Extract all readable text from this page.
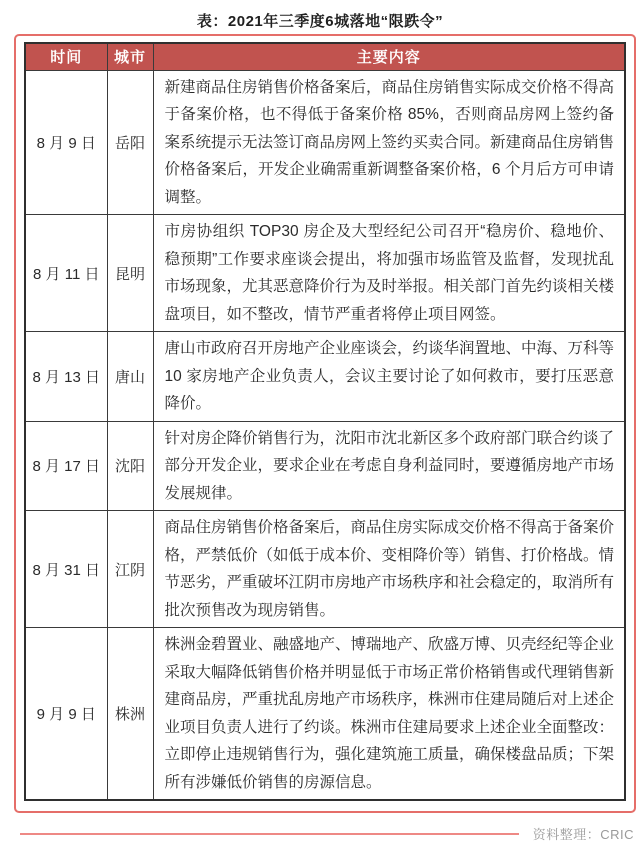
表：2021年三季度6城落地“限跌令”
时间	城市	主要内容
8 月 9 日	岳阳	新建商品住房销售价格备案后，商品住房销售实际成交价格不得高于备案价格，也不得低于备案价格 85%，否则商品房网上签约备案系统提示无法签订商品房网上签约买卖合同。新建商品住房销售价格备案后，开发企业确需重新调整备案价格，6 个月后方可申请调整。
8 月 11 日	昆明	市房协组织 TOP30 房企及大型经纪公司召开“稳房价、稳地价、稳预期”工作要求座谈会提出，将加强市场监管及监督，发现扰乱市场现象，尤其恶意降价行为及时举报。相关部门首先约谈相关楼盘项目，如不整改，情节严重者将停止项目网签。
8 月 13 日	唐山	唐山市政府召开房地产企业座谈会，约谈华润置地、中海、万科等 10 家房地产企业负责人，会议主要讨论了如何救市，要打压恶意降价。
8 月 17 日	沈阳	针对房企降价销售行为，沈阳市沈北新区多个政府部门联合约谈了部分开发企业，要求企业在考虑自身利益同时，要遵循房地产市场发展规律。
8 月 31 日	江阴	商品住房销售价格备案后，商品住房实际成交价格不得高于备案价格，严禁低价（如低于成本价、变相降价等）销售、打价格战。情节恶劣，严重破坏江阴市房地产市场秩序和社会稳定的，取消所有批次预售改为现房销售。
9 月 9 日	株洲	株洲金碧置业、融盛地产、博瑞地产、欣盛万博、贝壳经纪等企业采取大幅降低销售价格并明显低于市场正常价格销售或代理销售新建商品房，严重扰乱房地产市场秩序，株洲市住建局随后对上述企业项目负责人进行了约谈。株洲市住建局要求上述企业全面整改：立即停止违规销售行为，强化建筑施工质量，确保楼盘品质；下架所有涉嫌低价销售的房源信息。
资料整理：CRIC
